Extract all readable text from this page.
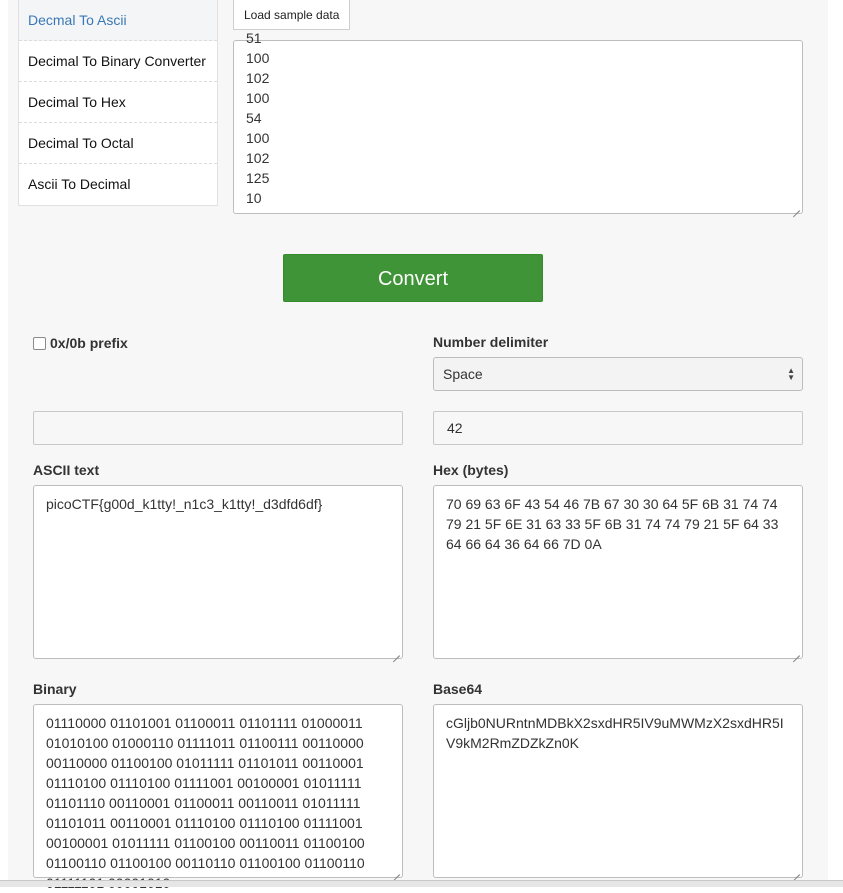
Decmal To Ascii
Decimal To Binary Converter
Decimal To Hex
Decimal To Octal
Ascii To Decimal
Load sample data
51
100
102
100
54
100
102
125
10
Convert
0x/0b prefix	Number delimiter
Space	▲
▼
42
ASCII text
picoCTF{g00d_k1tty!_n1c3_k1tty!_d3dfd6df}
Hex (bytes)
70 69 63 6F 43 54 46 7B 67 30 30 64 5F 6B 31 74 74 79 21 5F 6E 31 63 33 5F 6B 31 74 74 79 21 5F 64 33 64 66 64 36 64 66 7D 0A
Binary
01110000 01101001 01100011 01101111 01000011 01010100 01000110 01111011 01100111 00110000 00110000 01100100 01011111 01101011 00110001 01110100 01110100 01111001 00100001 01011111 01101110 00110001 01100011 00110011 01011111 01101011 00110001 01110100 01110100 01111001 00100001 01011111 01100100 00110011 01100100 01100110 01100100 00110110 01100100 01100110
Base64
cGljb0NURntnMDBkX2sxdHR5IV9uMWMzX2sxdHR5IV9kM2RmZDZkZn0K
